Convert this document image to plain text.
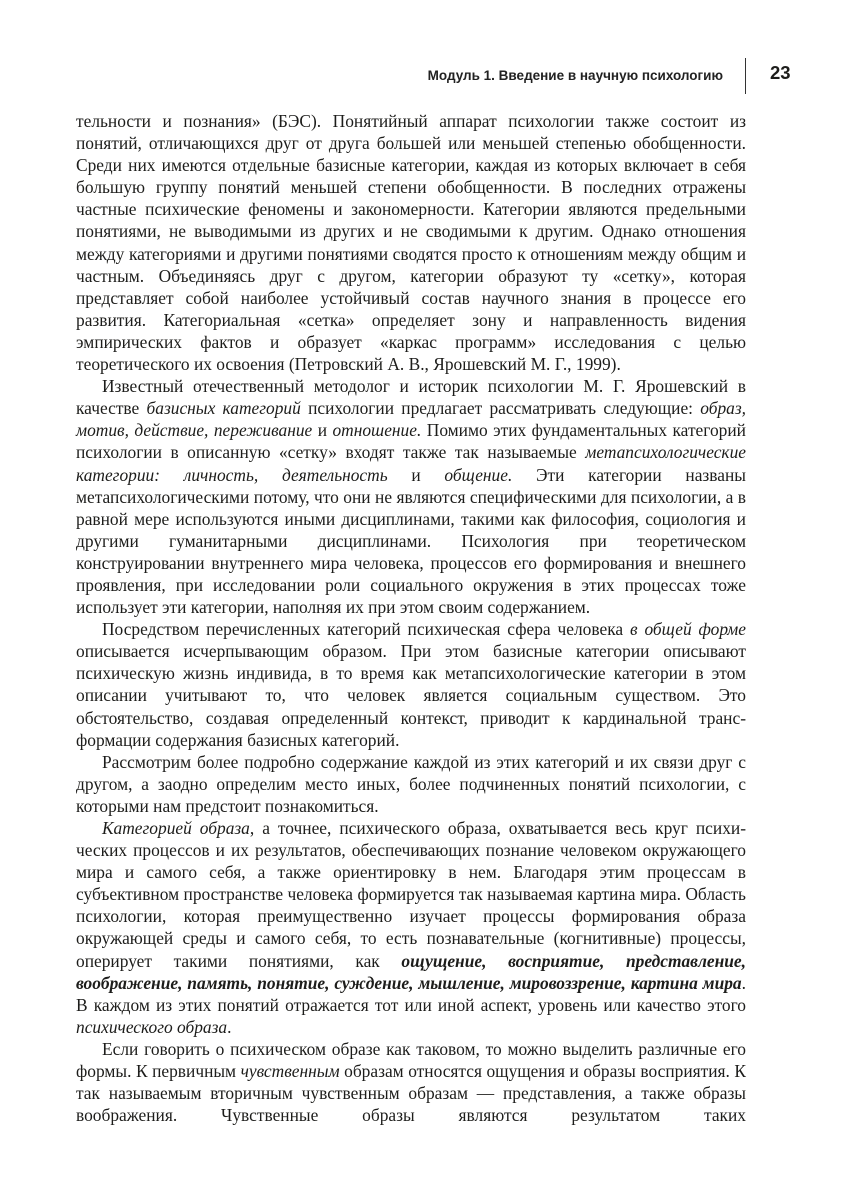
Модуль 1. Введение в научную психологию	23

тельности и познания» (БЭС). Понятийный аппарат психологии также состоит из понятий, отличающихся друг от друга большей или меньшей степенью обобщенности. Среди них имеются отдельные базисные категории, каждая из которых включает в себя большую группу понятий меньшей степени обобщенности. В последних отражены частные психические феномены и закономерности. Категории являются предельными понятиями, не выводимыми из других и не сводимыми к другим. Однако отношения между категориями и другими понятиями сводятся просто к отношениям между общим и частным. Объединяясь друг с другом, категории образуют ту «сетку», которая представляет собой наиболее устойчивый состав научного знания в процессе его развития. Категориальная «сетка» определяет зону и направленность видения эмпирических фактов и образует «каркас программ» исследования с целью теоретического их освоения (Петровский А. В., Ярошевский М. Г., 1999).

Известный отечественный методолог и историк психологии М. Г. Ярошевский в качестве базисных категорий психологии предлагает рассматривать следующие: образ, мотив, действие, переживание и отношение. Помимо этих фундаментальных категорий психологии в описанную «сетку» входят также так называемые метапсихологические категории: личность, деятельность и общение. Эти категории названы метапсихологическими потому, что они не являются специфическими для психологии, а в равной мере используются иными дисциплинами, такими как философия, социология и другими гуманитарными дисциплинами. Психология при теоретическом конструировании внутреннего мира человека, процессов его формирования и внешнего проявления, при исследовании роли социального окружения в этих процессах тоже использует эти категории, наполняя их при этом своим содержанием.

Посредством перечисленных категорий психическая сфера человека в общей форме описывается исчерпывающим образом. При этом базисные категории описывают психическую жизнь индивида, в то время как метапсихологические категории в этом описании учитывают то, что человек является социальным существом. Это обстоятельство, создавая определенный контекст, приводит к кардинальной трансформации содержания базисных категорий.

Рассмотрим более подробно содержание каждой из этих категорий и их связи друг с другом, а заодно определим место иных, более подчиненных понятий психологии, с которыми нам предстоит познакомиться.

Категорией образа, а точнее, психического образа, охватывается весь круг психических процессов и их результатов, обеспечивающих познание человеком окружающего мира и самого себя, а также ориентировку в нем. Благодаря этим процессам в субъективном пространстве человека формируется так называемая картина мира. Область психологии, которая преимущественно изучает процессы формирования образа окружающей среды и самого себя, то есть познавательные (когнитивные) процессы, оперирует такими понятиями, как ощущение, восприятие, представление, воображение, память, понятие, суждение, мышление, мировоззрение, картина мира. В каждом из этих понятий отражается тот или иной аспект, уровень или качество этого психического образа.

Если говорить о психическом образе как таковом, то можно выделить различные его формы. К первичным чувственным образам относятся ощущения и образы восприятия. К так называемым вторичным чувственным образам — представления, а также образы воображения. Чувственные образы являются результатом таких
